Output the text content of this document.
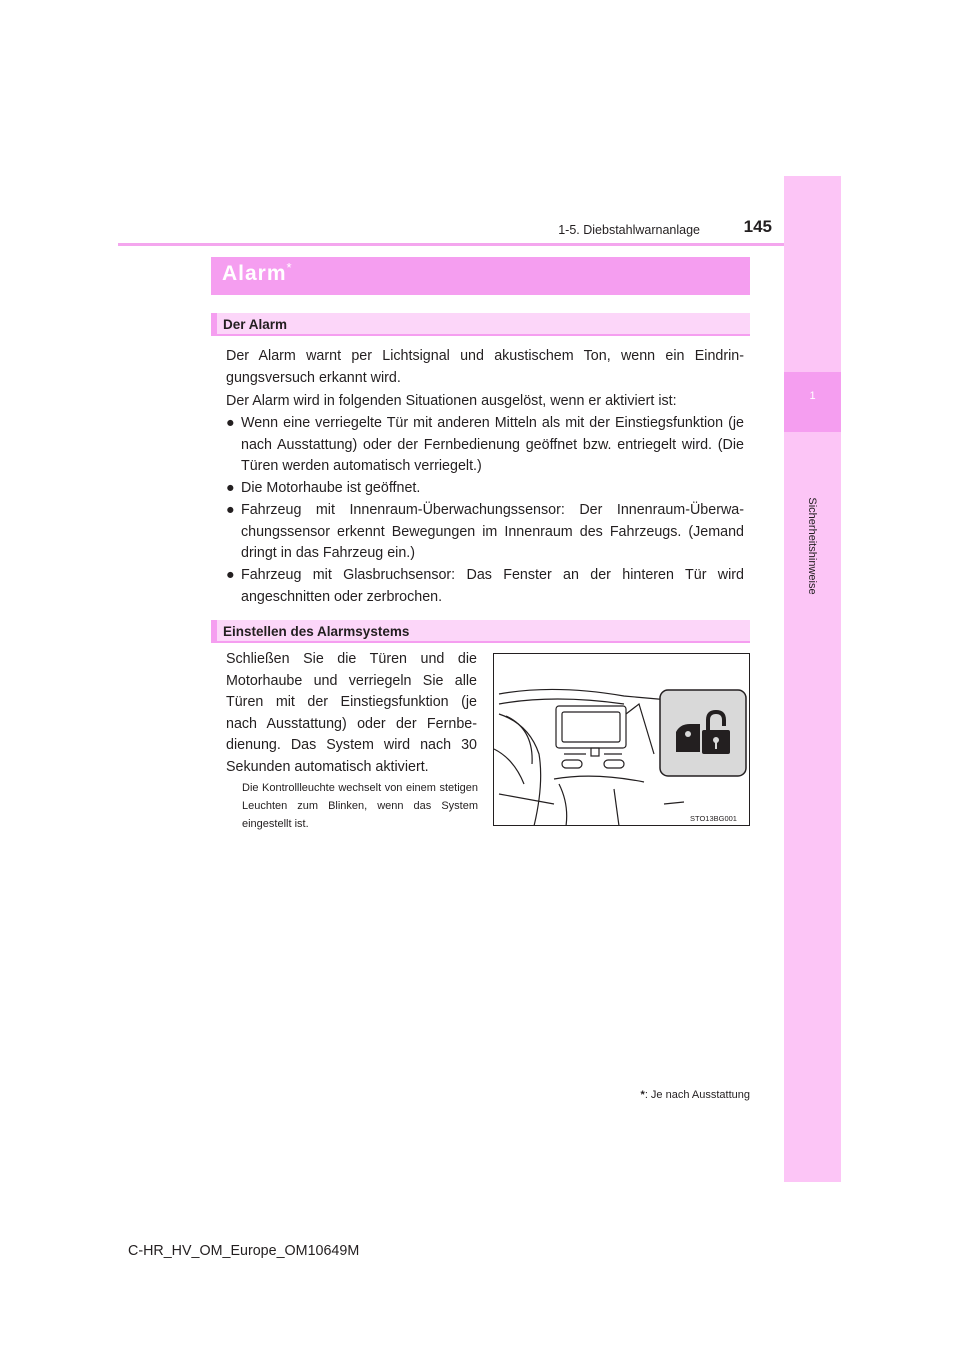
1-5. Diebstahlwarnanlage	145
1
Sicherheitshinweise
Alarm*
Der Alarm
Der Alarm warnt per Lichtsignal und akustischem Ton, wenn ein Eindrin-gungsversuch erkannt wird.
Der Alarm wird in folgenden Situationen ausgelöst, wenn er aktiviert ist:
● Wenn eine verriegelte Tür mit anderen Mitteln als mit der Einstiegsfunktion (je nach Ausstattung) oder der Fernbedienung geöffnet bzw. entriegelt wird. (Die Türen werden automatisch verriegelt.)
● Die Motorhaube ist geöffnet.
● Fahrzeug mit Innenraum-Überwachungssensor: Der Innenraum-Überwa-chungssensor erkennt Bewegungen im Innenraum des Fahrzeugs. (Jemand dringt in das Fahrzeug ein.)
● Fahrzeug mit Glasbruchsensor: Das Fenster an der hinteren Tür wird angeschnitten oder zerbrochen.
Einstellen des Alarmsystems
Schließen Sie die Türen und die Motorhaube und verriegeln Sie alle Türen mit der Einstiegsfunktion (je nach Ausstattung) oder der Fernbe-dienung. Das System wird nach 30 Sekunden automatisch aktiviert.
Die Kontrollleuchte wechselt von einem stetigen Leuchten zum Blinken, wenn das System eingestellt ist.	STO13BG001
*: Je nach Ausstattung
C-HR_HV_OM_Europe_OM10649M
